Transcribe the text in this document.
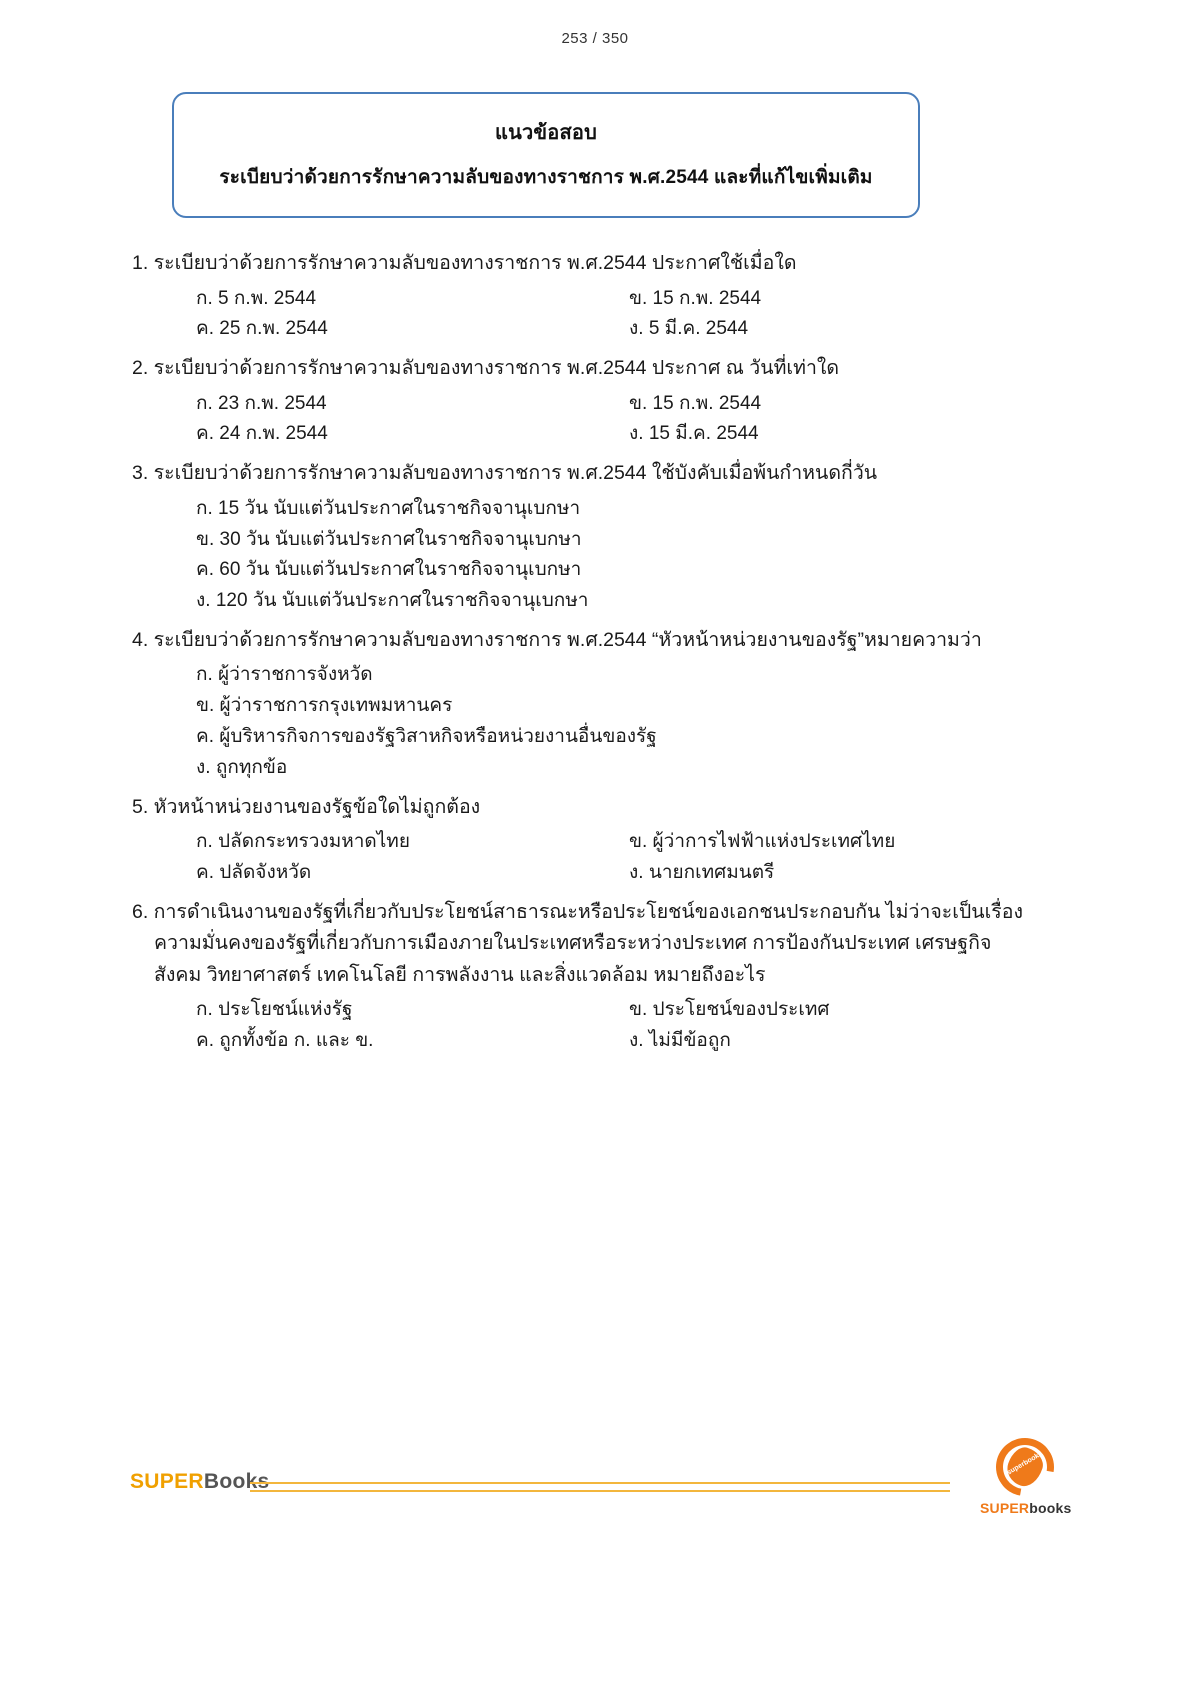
253 / 350
แนวข้อสอบ
ระเบียบว่าด้วยการรักษาความลับของทางราชการ พ.ศ.2544 และที่แก้ไขเพิ่มเติม
1. ระเบียบว่าด้วยการรักษาความลับของทางราชการ พ.ศ.2544 ประกาศใช้เมื่อใด
ก. 5 ก.พ. 2544	ข. 15 ก.พ. 2544
ค. 25 ก.พ. 2544	ง. 5 มี.ค. 2544
2. ระเบียบว่าด้วยการรักษาความลับของทางราชการ พ.ศ.2544 ประกาศ ณ วันที่เท่าใด
ก. 23 ก.พ. 2544	ข. 15 ก.พ. 2544
ค. 24 ก.พ. 2544	ง. 15 มี.ค. 2544
3. ระเบียบว่าด้วยการรักษาความลับของทางราชการ พ.ศ.2544 ใช้บังคับเมื่อพ้นกำหนดกี่วัน
ก. 15 วัน นับแต่วันประกาศในราชกิจจานุเบกษา
ข. 30 วัน นับแต่วันประกาศในราชกิจจานุเบกษา
ค. 60 วัน นับแต่วันประกาศในราชกิจจานุเบกษา
ง. 120 วัน นับแต่วันประกาศในราชกิจจานุเบกษา
4. ระเบียบว่าด้วยการรักษาความลับของทางราชการ พ.ศ.2544 “หัวหน้าหน่วยงานของรัฐ”หมายความว่า
ก. ผู้ว่าราชการจังหวัด
ข. ผู้ว่าราชการกรุงเทพมหานคร
ค. ผู้บริหารกิจการของรัฐวิสาหกิจหรือหน่วยงานอื่นของรัฐ
ง. ถูกทุกข้อ
5. หัวหน้าหน่วยงานของรัฐข้อใดไม่ถูกต้อง
ก. ปลัดกระทรวงมหาดไทย	ข. ผู้ว่าการไฟฟ้าแห่งประเทศไทย
ค. ปลัดจังหวัด	ง. นายกเทศมนตรี
6. การดำเนินงานของรัฐที่เกี่ยวกับประโยชน์สาธารณะหรือประโยชน์ของเอกชนประกอบกัน ไม่ว่าจะเป็นเรื่อง
ความมั่นคงของรัฐที่เกี่ยวกับการเมืองภายในประเทศหรือระหว่างประเทศ การป้องกันประเทศ เศรษฐกิจ
สังคม วิทยาศาสตร์ เทคโนโลยี การพลังงาน และสิ่งแวดล้อม หมายถึงอะไร
ก. ประโยชน์แห่งรัฐ	ข. ประโยชน์ของประเทศ
ค. ถูกทั้งข้อ ก. และ ข.	ง. ไม่มีข้อถูก
SUPERBooks
superbooks
SUPERbooks
